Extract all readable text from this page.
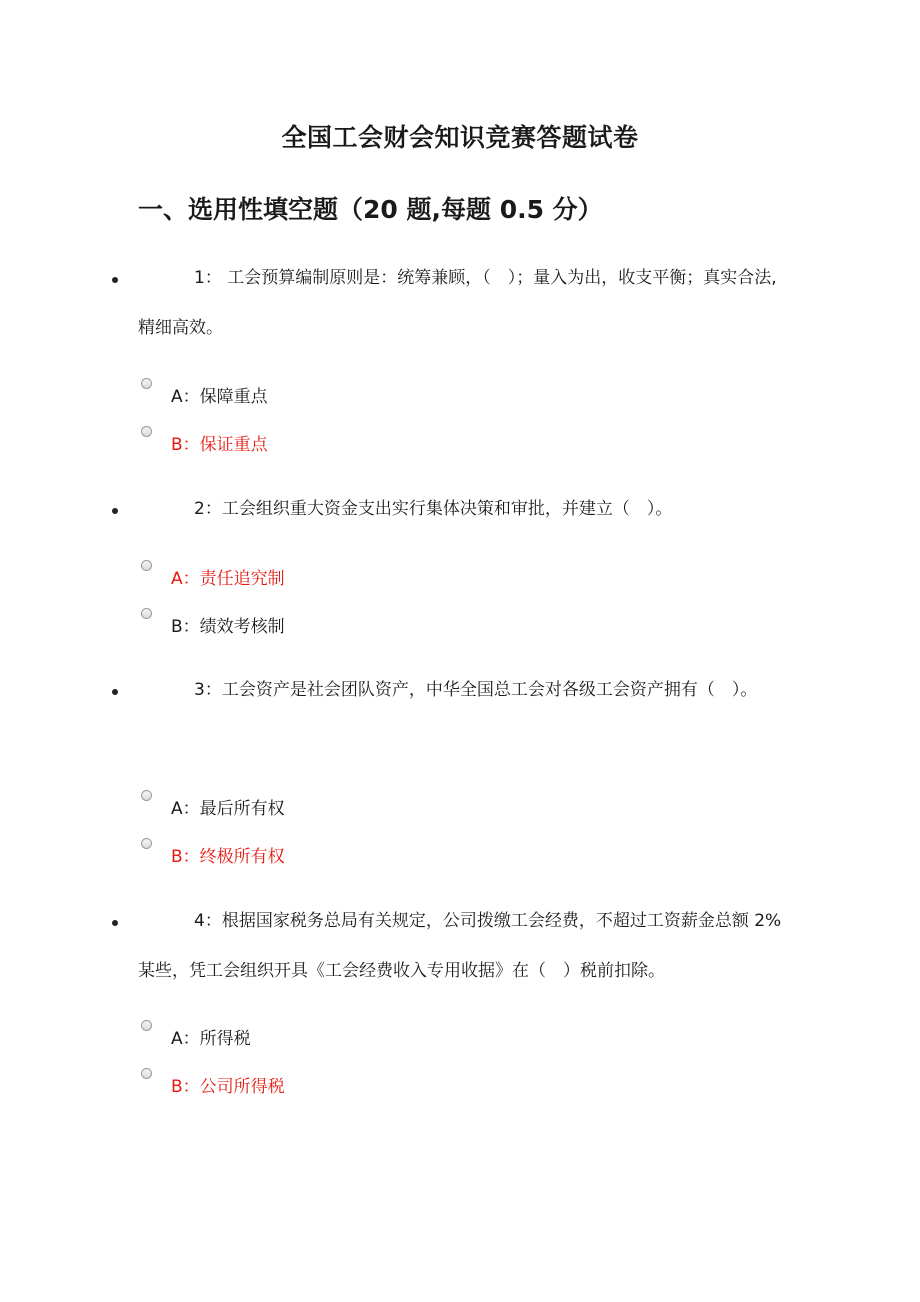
全国工会财会知识竞赛答题试卷
一、选用性填空题（20 题,每题 0.5 分）

1： 工会预算编制原则是：统筹兼顾，（　）；量入为出，收支平衡；真实合法,精细高效。

A：保障重点
B：保证重点

2：工会组织重大资金支出实行集体决策和审批，并建立（　）。

A：责任追究制
B：绩效考核制

3：工会资产是社会团队资产，中华全国总工会对各级工会资产拥有（　）。

A：最后所有权
B：终极所有权

4：根据国家税务总局有关规定，公司拨缴工会经费，不超过工资薪金总额 2%某些，凭工会组织开具《工会经费收入专用收据》在（　）税前扣除。

A：所得税
B：公司所得税
